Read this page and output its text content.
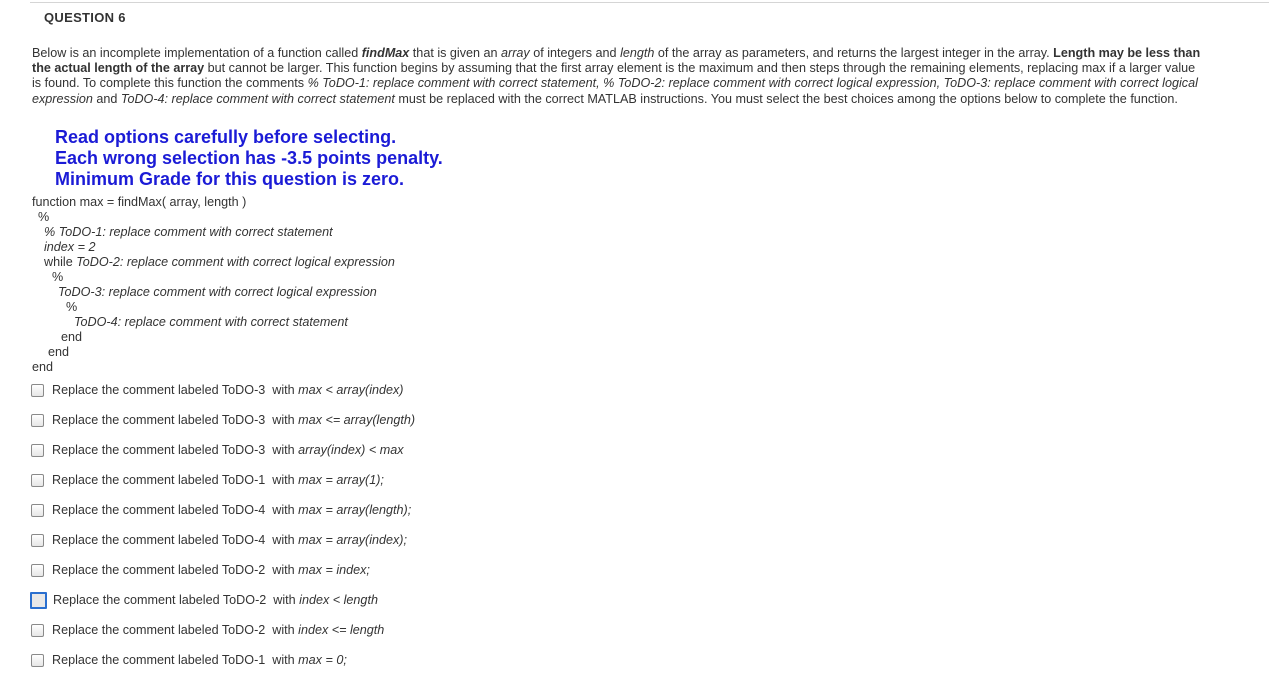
QUESTION 6
Below is an incomplete implementation of a function called findMax that is given an array of integers and length of the array as parameters, and returns the largest integer in the array. Length may be less than the actual length of the array but cannot be larger. This function begins by assuming that the first array element is the maximum and then steps through the remaining elements, replacing max if a larger value is found. To complete this function the comments % ToDO-1: replace comment with correct statement, % ToDO-2: replace comment with correct logical expression, ToDO-3: replace comment with correct logical expression and ToDO-4: replace comment with correct statement must be replaced with the correct MATLAB instructions. You must select the best choices among the options below to complete the function.
Read options carefully before selecting.
Each wrong selection has -3.5 points penalty.
Minimum Grade for this question is zero.
function max = findMax( array, length )
%
% ToDO-1: replace comment with correct statement
index = 2
while ToDO-2: replace comment with correct logical expression
%
ToDO-3: replace comment with correct logical expression
%
ToDO-4: replace comment with correct statement
end
end
end
Replace the comment labeled ToDO-3  with max < array(index)
Replace the comment labeled ToDO-3  with max <= array(length)
Replace the comment labeled ToDO-3  with array(index) < max
Replace the comment labeled ToDO-1  with max = array(1);
Replace the comment labeled ToDO-4  with max = array(length);
Replace the comment labeled ToDO-4  with max = array(index);
Replace the comment labeled ToDO-2  with max = index;
Replace the comment labeled ToDO-2  with index < length
Replace the comment labeled ToDO-2  with index <= length
Replace the comment labeled ToDO-1  with max = 0;
